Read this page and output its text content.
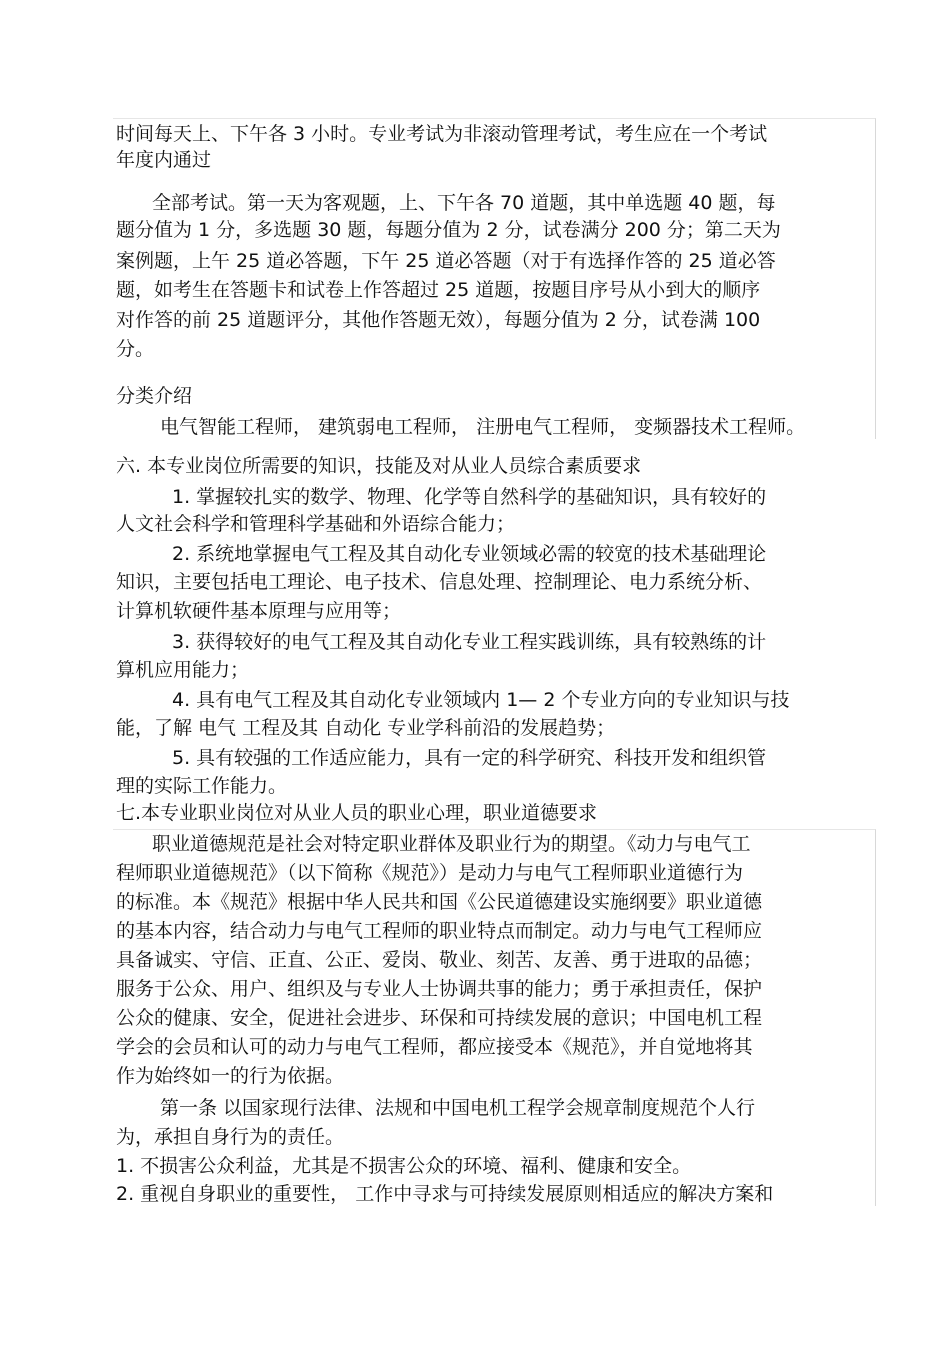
时间每天上、下午各 3 小时。专业考试为非滚动管理考试，考生应在一个考试
年度内通过
全部考试。第一天为客观题，上、下午各 70 道题，其中单选题 40 题，每
题分值为 1 分，多选题 30 题，每题分值为 2 分，试卷满分 200 分；第二天为
案例题，上午 25 道必答题，下午 25 道必答题（对于有选择作答的 25 道必答
题，如考生在答题卡和试卷上作答超过 25 道题，按题目序号从小到大的顺序
对作答的前 25 道题评分，其他作答题无效），每题分值为 2 分，试卷满 100
分。
分类介绍
电气智能工程师， 建筑弱电工程师， 注册电气工程师， 变频器技术工程师。
六. 本专业岗位所需要的知识，技能及对从业人员综合素质要求
1. 掌握较扎实的数学、物理、化学等自然科学的基础知识，具有较好的
人文社会科学和管理科学基础和外语综合能力；
2. 系统地掌握电气工程及其自动化专业领域必需的较宽的技术基础理论
知识，主要包括电工理论、电子技术、信息处理、控制理论、电力系统分析、
计算机软硬件基本原理与应用等；
3. 获得较好的电气工程及其自动化专业工程实践训练，具有较熟练的计
算机应用能力；
4. 具有电气工程及其自动化专业领域内 1— 2 个专业方向的专业知识与技
能，了解 电气 工程及其 自动化 专业学科前沿的发展趋势；
5. 具有较强的工作适应能力，具有一定的科学研究、科技开发和组织管
理的实际工作能力。
七.本专业职业岗位对从业人员的职业心理，职业道德要求
职业道德规范是社会对特定职业群体及职业行为的期望。《动力与电气工
程师职业道德规范》（以下简称《规范》）是动力与电气工程师职业道德行为
的标准。本《规范》根据中华人民共和国《公民道德建设实施纲要》职业道德
的基本内容，结合动力与电气工程师的职业特点而制定。动力与电气工程师应
具备诚实、守信、正直、公正、爱岗、敬业、刻苦、友善、勇于进取的品德；
服务于公众、用户、组织及与专业人士协调共事的能力；勇于承担责任，保护
公众的健康、安全，促进社会进步、环保和可持续发展的意识；中国电机工程
学会的会员和认可的动力与电气工程师，都应接受本《规范》，并自觉地将其
作为始终如一的行为依据。
第一条 以国家现行法律、法规和中国电机工程学会规章制度规范个人行
为，承担自身行为的责任。
1. 不损害公众利益，尤其是不损害公众的环境、福利、健康和安全。
2. 重视自身职业的重要性， 工作中寻求与可持续发展原则相适应的解决方案和
